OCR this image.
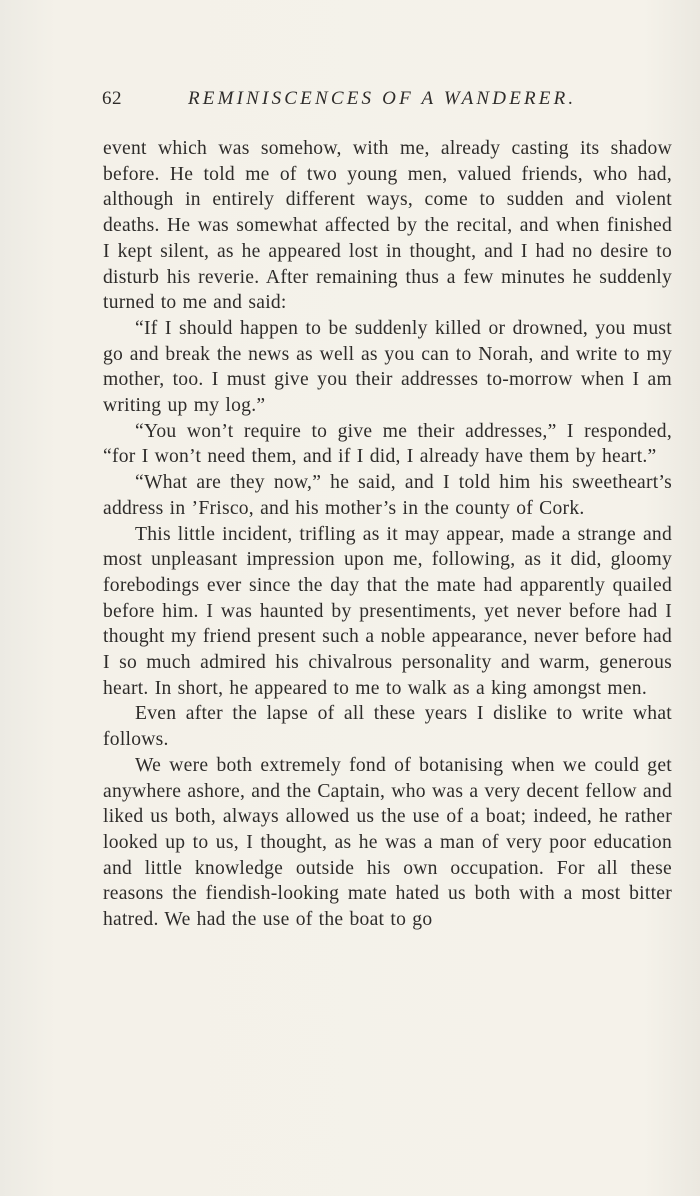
62	REMINISCENCES OF A WANDERER.

event which was somehow, with me, already casting its shadow before. He told me of two young men, valued friends, who had, although in entirely different ways, come to sudden and violent deaths. He was somewhat affected by the recital, and when finished I kept silent, as he appeared lost in thought, and I had no desire to disturb his reverie. After remaining thus a few minutes he suddenly turned to me and said:

“If I should happen to be suddenly killed or drowned, you must go and break the news as well as you can to Norah, and write to my mother, too. I must give you their addresses to-morrow when I am writing up my log.”

“You won’t require to give me their addresses,” I responded, “for I won’t need them, and if I did, I already have them by heart.”

“What are they now,” he said, and I told him his sweetheart’s address in ’Frisco, and his mother’s in the county of Cork.

This little incident, trifling as it may appear, made a strange and most unpleasant impression upon me, following, as it did, gloomy forebodings ever since the day that the mate had apparently quailed before him. I was haunted by presentiments, yet never before had I thought my friend present such a noble appearance, never before had I so much admired his chivalrous personality and warm, generous heart. In short, he appeared to me to walk as a king amongst men.

Even after the lapse of all these years I dislike to write what follows.

We were both extremely fond of botanising when we could get anywhere ashore, and the Captain, who was a very decent fellow and liked us both, always allowed us the use of a boat; indeed, he rather looked up to us, I thought, as he was a man of very poor education and little knowledge outside his own occupation. For all these reasons the fiendish-looking mate hated us both with a most bitter hatred. We had the use of the boat to go
